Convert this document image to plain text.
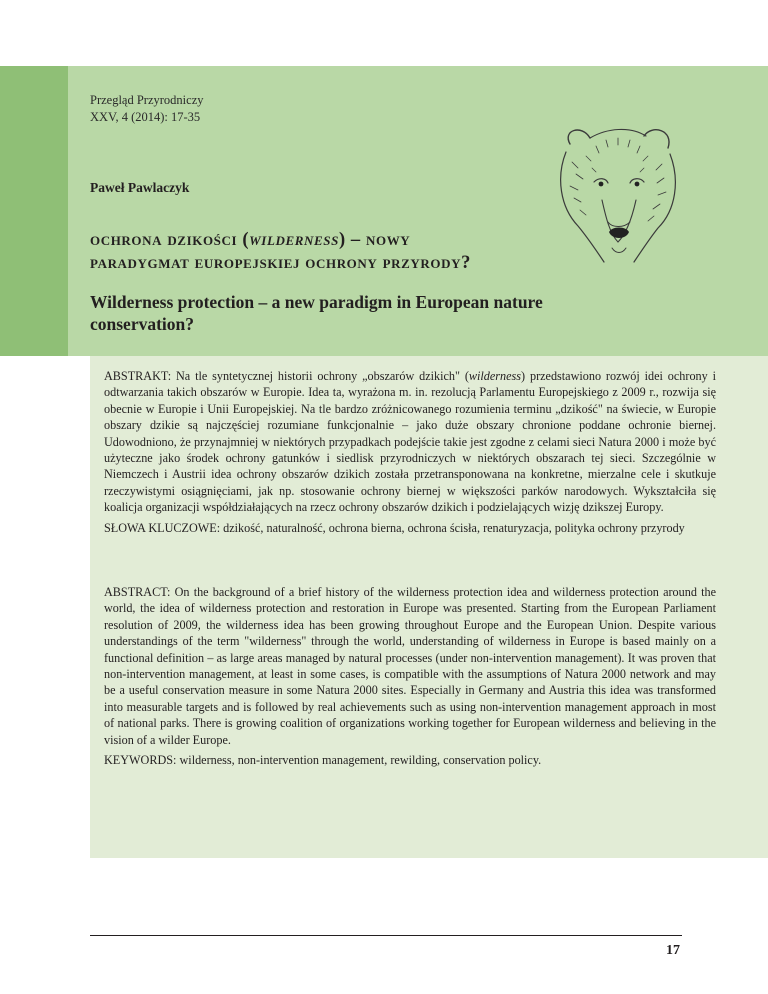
Przegląd Przyrodniczy
XXV, 4 (2014): 17-35
Paweł Pawlaczyk
ochrona dzikości (wilderness) – nowy
paradygmat europejskiej ochrony przyrody?
Wilderness protection – a new paradigm in European nature conservation?

ABSTRAKT: Na tle syntetycznej historii ochrony „obszarów dzikich" (wilderness) przedstawiono rozwój idei ochrony i odtwarzania takich obszarów w Europie. Idea ta, wyrażona m. in. rezolucją Parlamentu Europejskiego z 2009 r., rozwija się obecnie w Europie i Unii Europejskiej. Na tle bardzo zróżnicowanego rozumienia terminu „dzikość" na świecie, w Europie obszary dzikie są najczęściej rozumiane funkcjonalnie – jako duże obszary chronione poddane ochronie biernej. Udowodniono, że przynajmniej w niektórych przypadkach podejście takie jest zgodne z celami sieci Natura 2000 i może być użyteczne jako środek ochrony gatunków i siedlisk przyrodniczych w niektórych obszarach tej sieci. Szczególnie w Niemczech i Austrii idea ochrony obszarów dzikich została przetransponowana na konkretne, mierzalne cele i skutkuje rzeczywistymi osiągnięciami, jak np. stosowanie ochrony biernej w większości parków narodowych. Wykształciła się koalicja organizacji współdziałających na rzecz ochrony obszarów dzikich i podzielających wizję dzikszej Europy.

SŁOWA KLUCZOWE: dzikość, naturalność, ochrona bierna, ochrona ścisła, renaturyzacja, polityka ochrony przyrody

ABSTRACT: On the background of a brief history of the wilderness protection idea and wilderness protection around the world, the idea of wilderness protection and restoration in Europe was presented. Starting from the European Parliament resolution of 2009, the wilderness idea has been growing throughout Europe and the European Union. Despite various understandings of the term "wilderness" through the world, understanding of wilderness in Europe is based mainly on a functional definition – as large areas managed by natural processes (under non-intervention management). It was proven that non-intervention management, at least in some cases, is compatible with the assumptions of Natura 2000 network and may be a useful conservation measure in some Natura 2000 sites. Especially in Germany and Austria this idea was transformed into measurable targets and is followed by real achievements such as using non-intervention management approach in most of national parks. There is growing coalition of organizations working together for European wilderness and believing in the vision of a wilder Europe.

KEYWORDS: wilderness, non-intervention management, rewilding, conservation policy.

17
